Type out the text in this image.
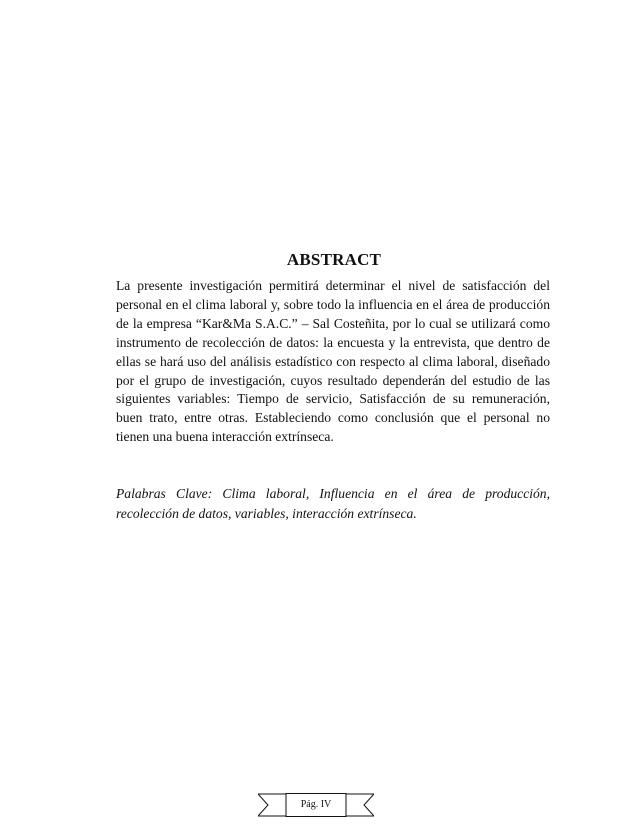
ABSTRACT

La presente investigación permitirá determinar el nivel de satisfacción del personal en el clima laboral y, sobre todo la influencia en el área de producción de la empresa “Kar&Ma S.A.C.” – Sal Costeñita, por lo cual se utilizará como instrumento de recolección de datos: la encuesta y la entrevista, que dentro de ellas se hará uso del análisis estadístico con respecto al clima laboral, diseñado por el grupo de investigación, cuyos resultado dependerán del estudio de las siguientes variables: Tiempo de servicio, Satisfacción de su remuneración, buen trato, entre otras. Estableciendo como conclusión que el personal no tienen una buena interacción extrínseca.

Palabras Clave: Clima laboral, Influencia en el área de producción, recolección de datos, variables, interacción extrínseca.

Pág. IV
